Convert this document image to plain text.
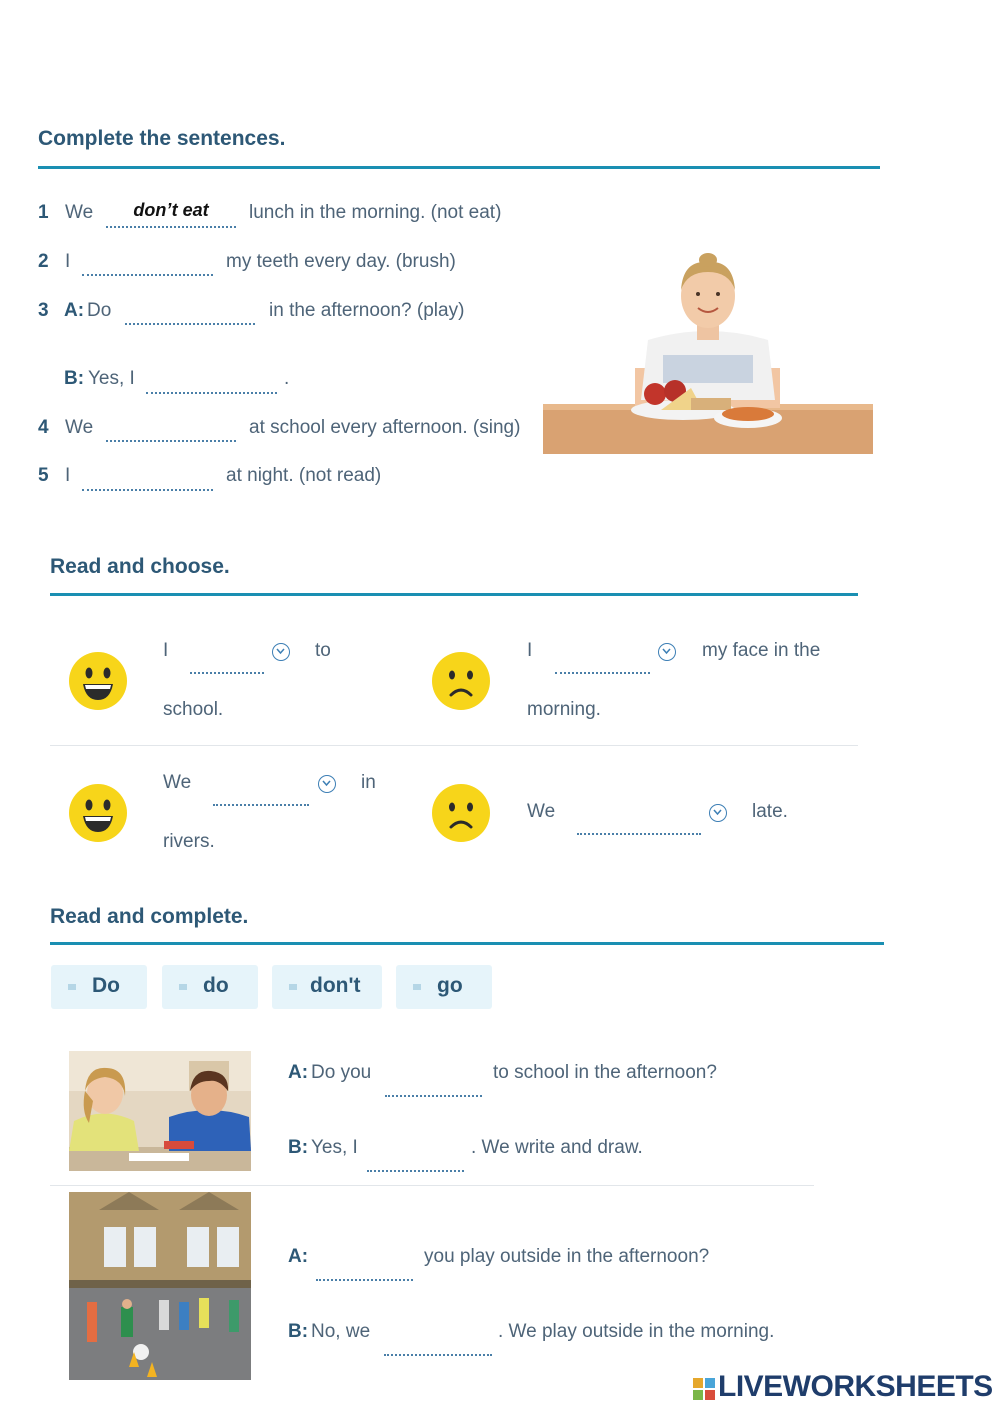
Complete the sentences.
1 We	don’t eat	lunch in the morning. (not eat)
2 I	my teeth every day. (brush)
3 A: Do	in the afternoon? (play)
B: Yes, I	.
4 We	at school every afternoon. (sing)
5 I	at night. (not read)
Read and choose.
I	to
school.
I	my face in the
morning.
We	in
rivers.
We	late.
Read and complete.
Do	do	don't	go
A: Do you	to school in the afternoon?
B: Yes, I	. We write and draw.
A:	you play outside in the afternoon?
B: No, we	. We play outside in the morning.
LIVEWORKSHEETS
